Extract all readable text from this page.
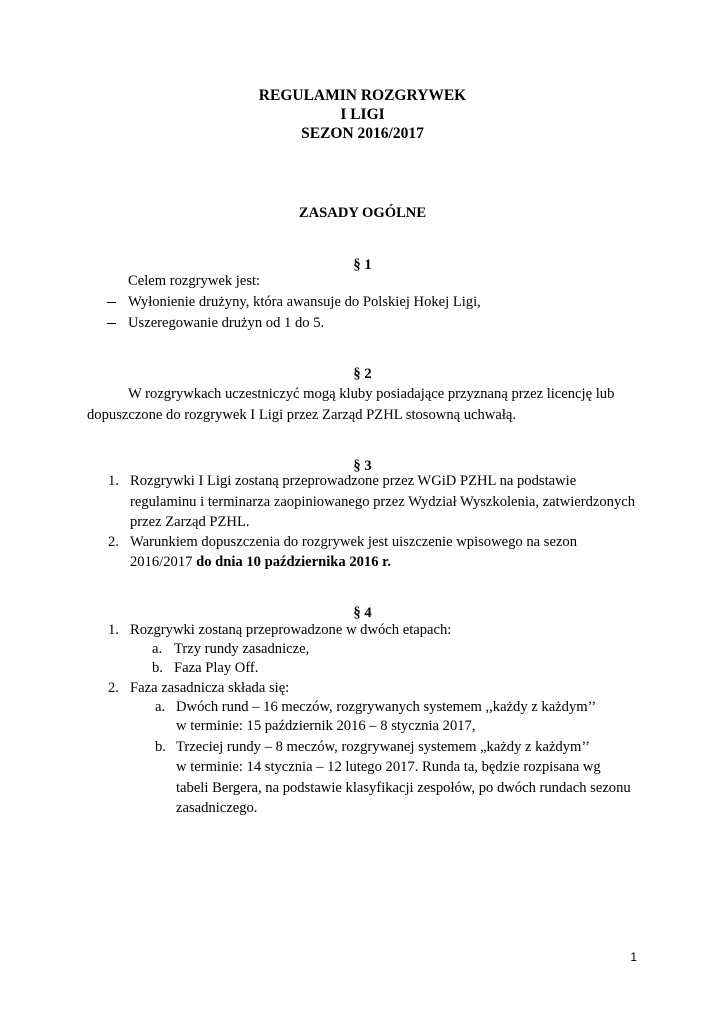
REGULAMIN ROZGRYWEK
I LIGI
SEZON 2016/2017
ZASADY OGÓLNE
§ 1
Celem rozgrywek jest:
Wyłonienie drużyny, która awansuje do Polskiej Hokej Ligi,
Uszeregowanie drużyn od 1 do 5.
§ 2
W rozgrywkach uczestniczyć mogą kluby posiadające przyznaną przez licencję lub
dopuszczone do rozgrywek I Ligi przez Zarząd PZHL stosowną uchwałą.
§ 3
1. Rozgrywki I Ligi zostaną przeprowadzone przez WGiD PZHL na podstawie
regulaminu i terminarza zaopiniowanego przez Wydział Wyszkolenia, zatwierdzonych
przez Zarząd PZHL.
2. Warunkiem dopuszczenia do rozgrywek jest uiszczenie wpisowego na sezon
2016/2017 do dnia 10 października 2016 r.
§ 4
1. Rozgrywki zostaną przeprowadzone w dwóch etapach:
a. Trzy rundy zasadnicze,
b. Faza Play Off.
2. Faza zasadnicza składa się:
a. Dwóch rund – 16 meczów, rozgrywanych systemem ,,każdy z każdym’’
w terminie: 15 październik 2016 – 8 stycznia 2017,
b. Trzeciej rundy – 8 meczów, rozgrywanej systemem „każdy z każdym’’
w terminie: 14 stycznia – 12 lutego 2017. Runda ta, będzie rozpisana wg
tabeli Bergera, na podstawie klasyfikacji zespołów, po dwóch rundach sezonu
zasadniczego.
1
